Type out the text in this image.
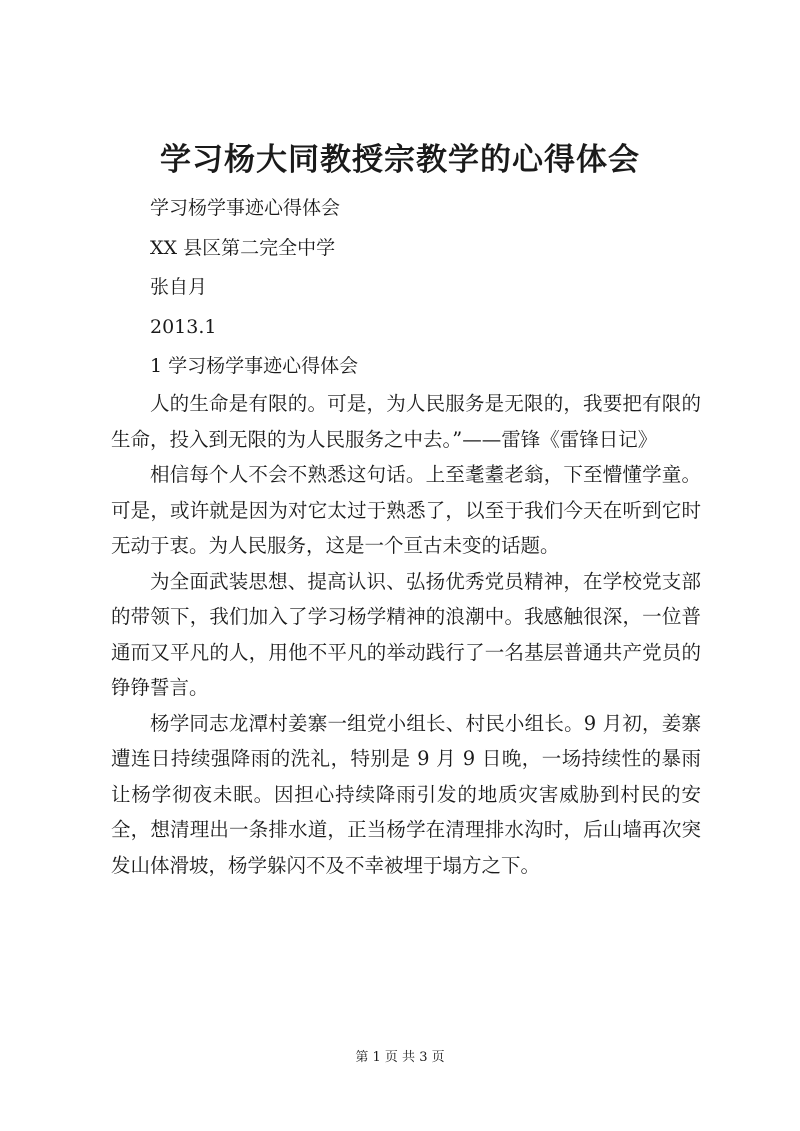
学习杨大同教授宗教学的心得体会
学习杨学事迹心得体会
XX 县区第二完全中学
张自月
2013.1
1 学习杨学事迹心得体会

人的生命是有限的。可是，为人民服务是无限的，我要把有限的生命，投入到无限的为人民服务之中去。”——雷锋《雷锋日记》

相信每个人不会不熟悉这句话。上至耄耋老翁，下至懵懂学童。可是，或许就是因为对它太过于熟悉了，以至于我们今天在听到它时无动于衷。为人民服务，这是一个亘古未变的话题。

为全面武装思想、提高认识、弘扬优秀党员精神，在学校党支部的带领下，我们加入了学习杨学精神的浪潮中。我感触很深，一位普通而又平凡的人，用他不平凡的举动践行了一名基层普通共产党员的铮铮誓言。

杨学同志龙潭村姜寨一组党小组长、村民小组长。9 月初，姜寨遭连日持续强降雨的洗礼，特别是 9 月 9 日晚，一场持续性的暴雨让杨学彻夜未眠。因担心持续降雨引发的地质灾害威胁到村民的安全，想清理出一条排水道，正当杨学在清理排水沟时，后山墙再次突发山体滑坡，杨学躲闪不及不幸被埋于塌方之下。

第 1 页 共 3 页
